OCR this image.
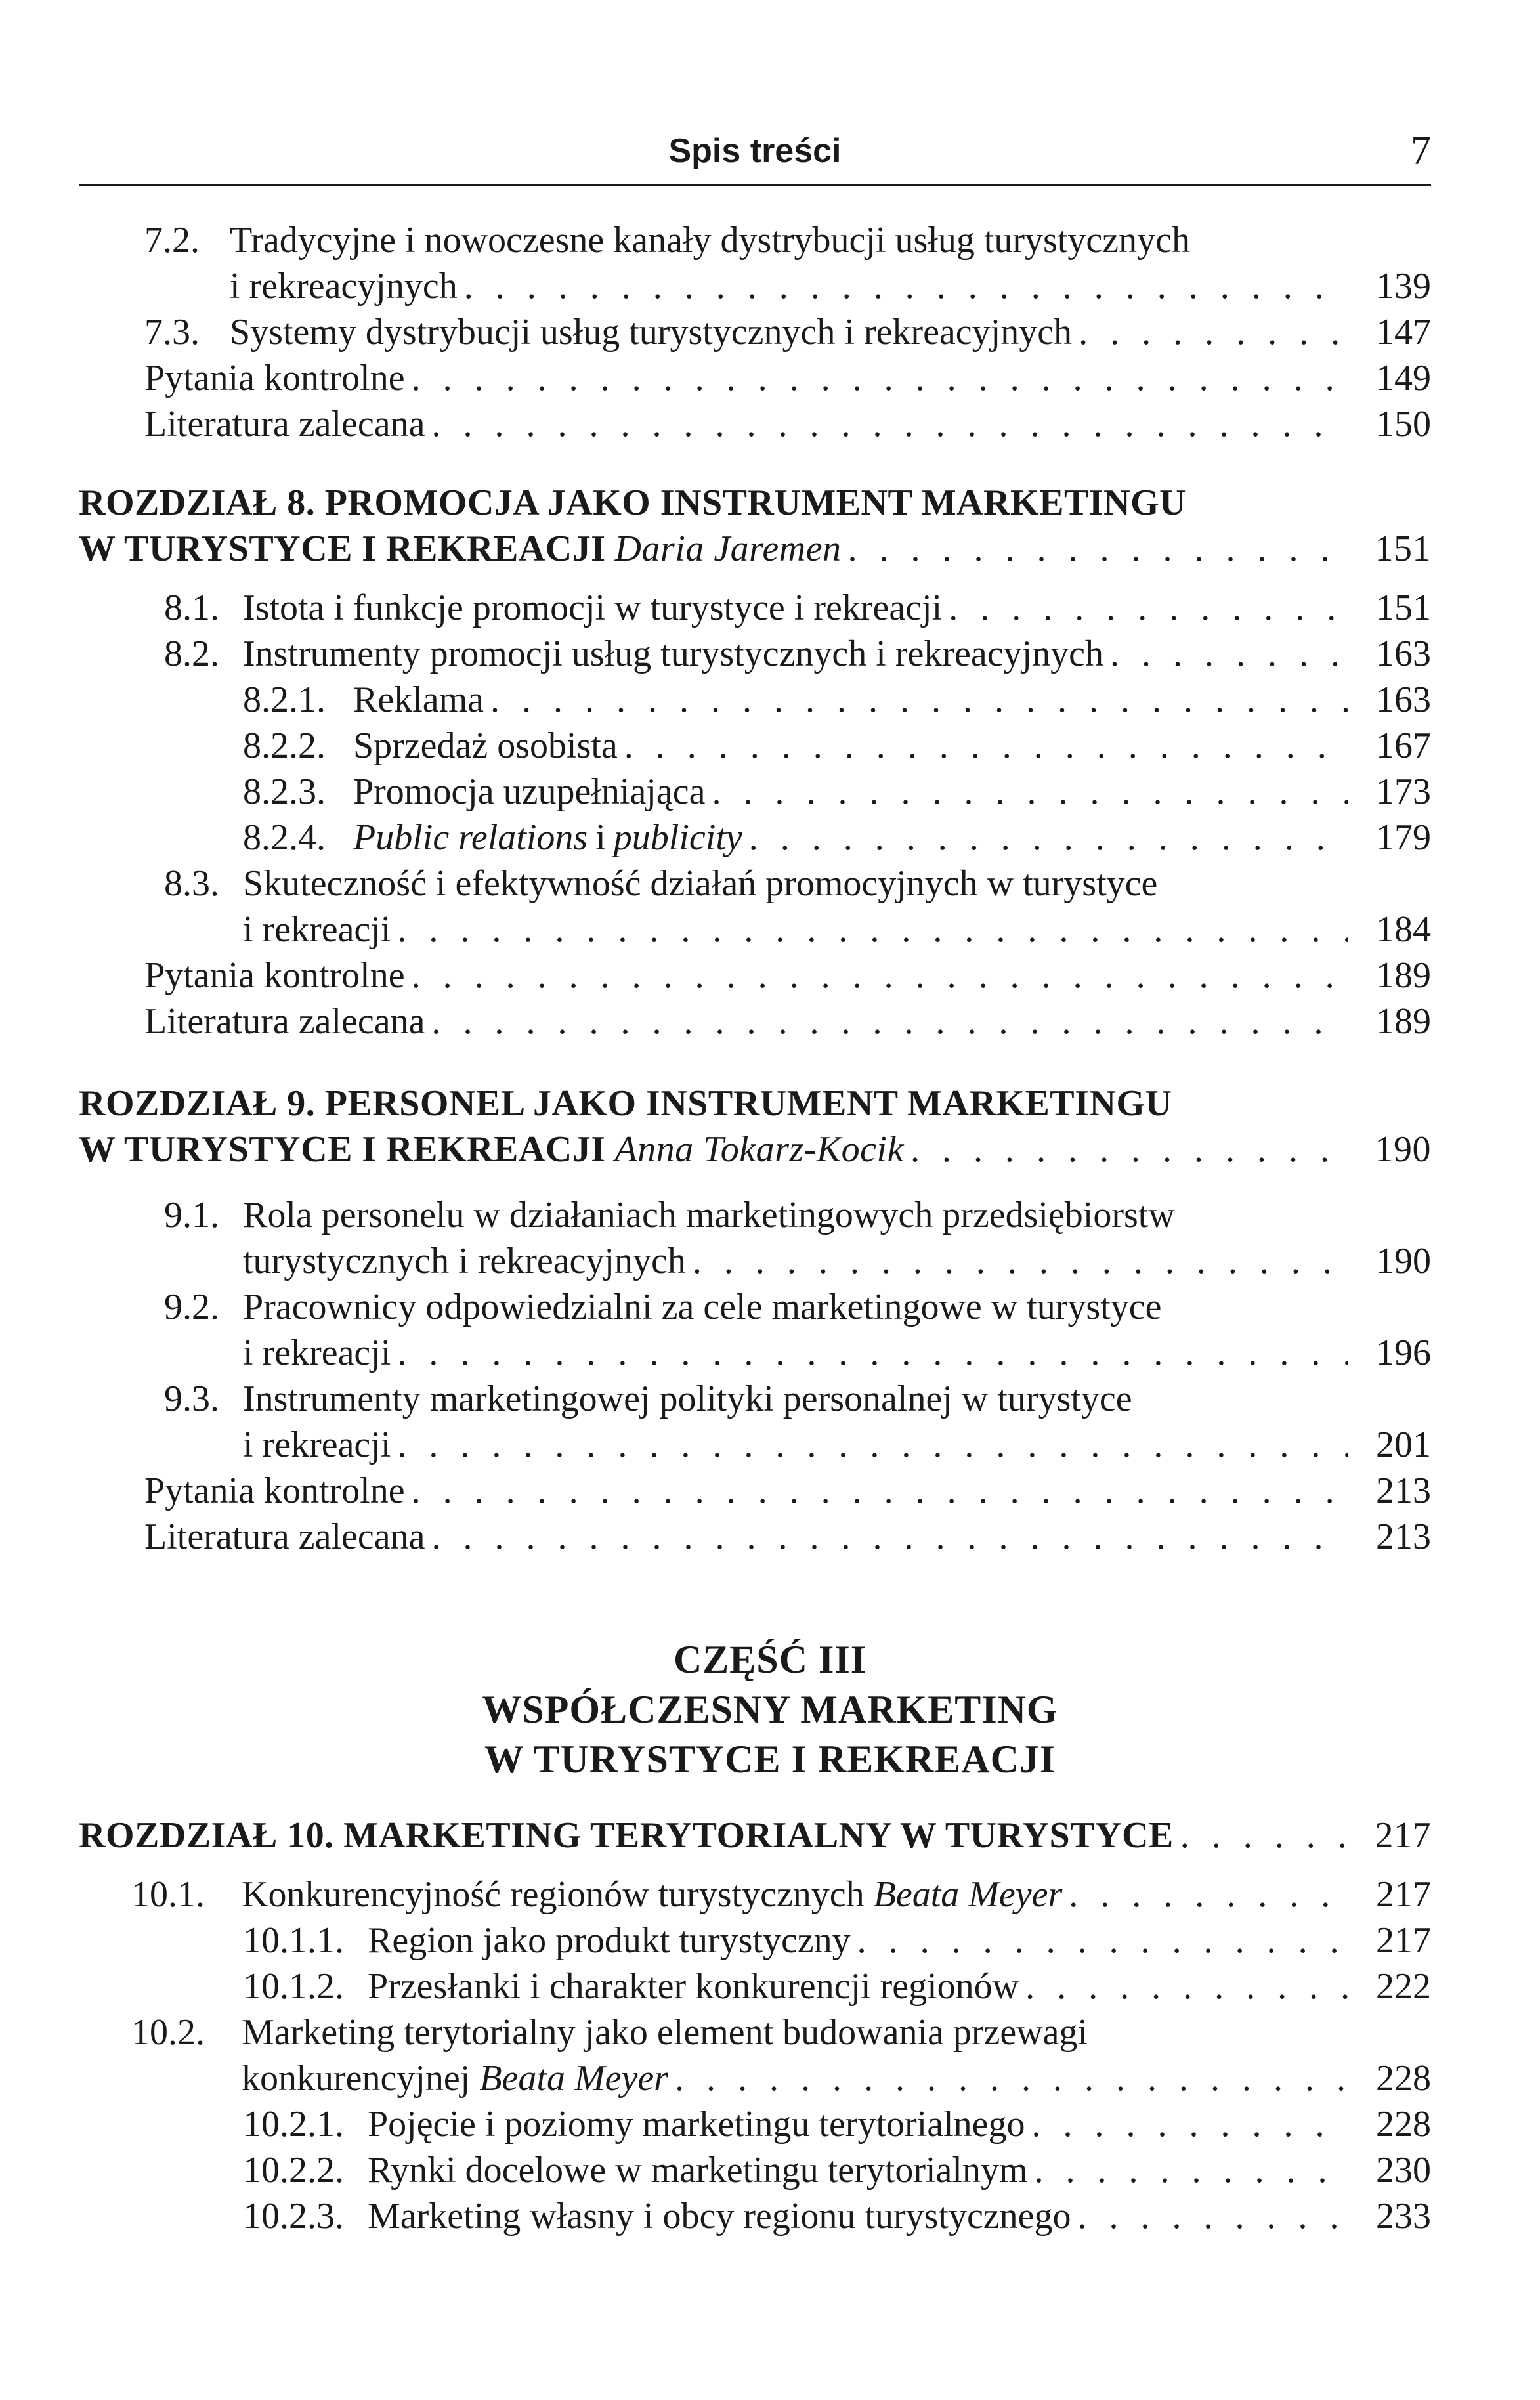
Spis treści	7
7.2. Tradycyjne i nowoczesne kanały dystrybucji usług turystycznych
i rekreacyjnych . . .	139
7.3. Systemy dystrybucji usług turystycznych i rekreacyjnych . . .	147
Pytania kontrolne . . .	149
Literatura zalecana . . .	150
ROZDZIAŁ 8. PROMOCJA JAKO INSTRUMENT MARKETINGU
W TURYSTYCE I REKREACJI Daria Jaremen . . .	151
8.1. Istota i funkcje promocji w turystyce i rekreacji . . .	151
8.2. Instrumenty promocji usług turystycznych i rekreacyjnych . . .	163
8.2.1. Reklama . . .	163
8.2.2. Sprzedaż osobista . . .	167
8.2.3. Promocja uzupełniająca . . .	173
8.2.4. Public relations i publicity . . .	179
8.3. Skuteczność i efektywność działań promocyjnych w turystyce
i rekreacji . . .	184
Pytania kontrolne . . .	189
Literatura zalecana . . .	189
ROZDZIAŁ 9. PERSONEL JAKO INSTRUMENT MARKETINGU
W TURYSTYCE I REKREACJI Anna Tokarz-Kocik . . .	190
9.1. Rola personelu w działaniach marketingowych przedsiębiorstw
turystycznych i rekreacyjnych . . .	190
9.2. Pracownicy odpowiedzialni za cele marketingowe w turystyce
i rekreacji . . .	196
9.3. Instrumenty marketingowej polityki personalnej w turystyce
i rekreacji . . .	201
Pytania kontrolne . . .	213
Literatura zalecana . . .	213
CZĘŚĆ III
WSPÓŁCZESNY MARKETING
W TURYSTYCE I REKREACJI
ROZDZIAŁ 10. MARKETING TERYTORIALNY W TURYSTYCE . . .	217
10.1.	Konkurencyjność regionów turystycznych Beata Meyer . . .	217
10.1.1. Region jako produkt turystyczny . . .	217
10.1.2. Przesłanki i charakter konkurencji regionów . . .	222
10.2.	Marketing terytorialny jako element budowania przewagi
konkurencyjnej Beata Meyer . . .	228
10.2.1. Pojęcie i poziomy marketingu terytorialnego . . .	228
10.2.2. Rynki docelowe w marketingu terytorialnym . . .	230
10.2.3. Marketing własny i obcy regionu turystycznego . . .	233
